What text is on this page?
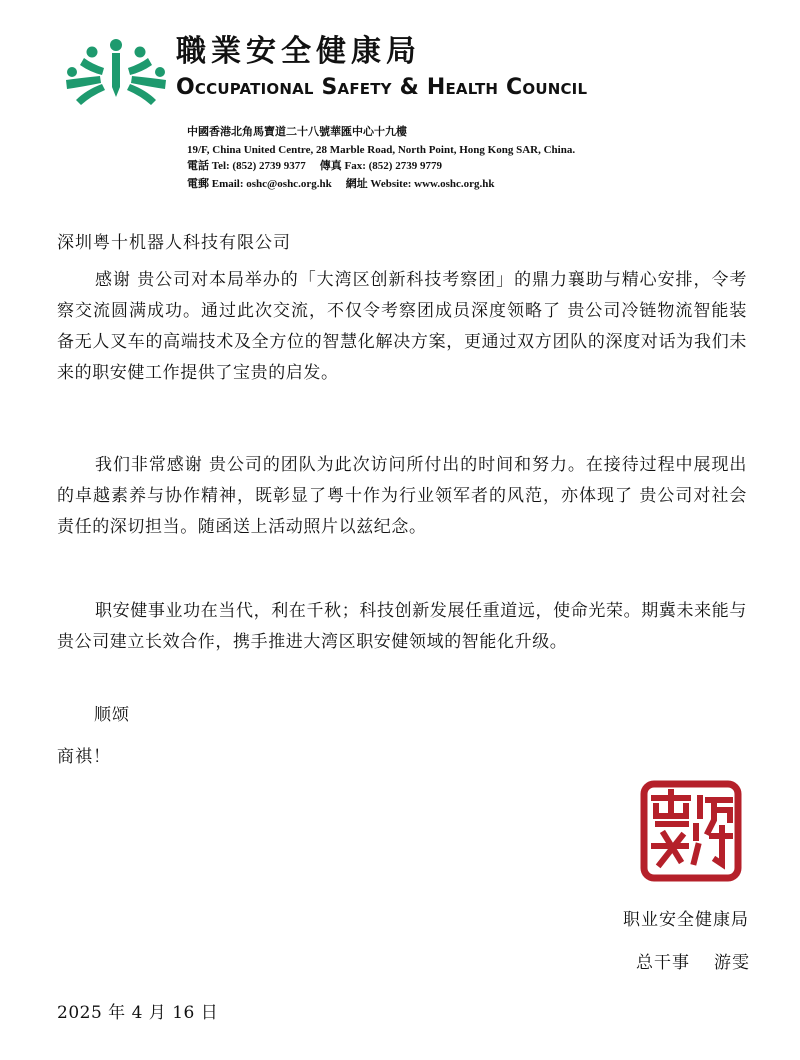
職業安全健康局
Occupational Safety & Health Council
中國香港北角馬寶道二十八號華匯中心十九樓
19/F, China United Centre, 28 Marble Road, North Point, Hong Kong SAR, China.
電話 Tel: (852) 2739 9377 傳真 Fax: (852) 2739 9779
電郵 Email: oshc@oshc.org.hk 網址 Website: www.oshc.org.hk
深圳粤十机器人科技有限公司
感谢 贵公司对本局举办的「大湾区创新科技考察团」的鼎力襄助与精心安排，令考察交流圆满成功。通过此次交流，不仅令考察团成员深度领略了 贵公司冷链物流智能装备无人叉车的高端技术及全方位的智慧化解决方案，更通过双方团队的深度对话为我们未来的职安健工作提供了宝贵的启发。
我们非常感谢 贵公司的团队为此次访问所付出的时间和努力。在接待过程中展现出的卓越素养与协作精神，既彰显了粤十作为行业领军者的风范，亦体现了 贵公司对社会责任的深切担当。随函送上活动照片以兹纪念。
职安健事业功在当代，利在千秋；科技创新发展任重道远，使命光荣。期冀未来能与 贵公司建立长效合作，携手推进大湾区职安健领域的智能化升级。
顺颂
商祺！
职业安全健康局
总干事 游雯
2025 年 4 月 16 日
